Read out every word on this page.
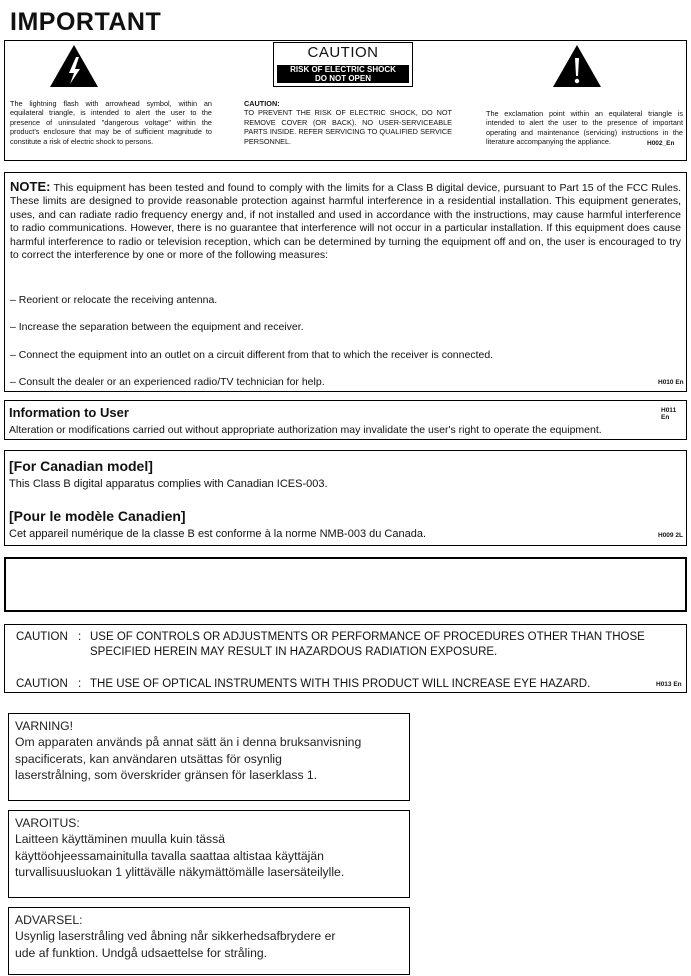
IMPORTANT
CAUTION
RISK OF ELECTRIC SHOCK
DO NOT OPEN
The lightning flash with arrowhead symbol, within an equilateral triangle, is intended to alert the user to the presence of uninsulated "dangerous voltage" within the product's enclosure that may be of sufficient magnitude to constitute a risk of electric shock to persons.
CAUTION:
TO PREVENT THE RISK OF ELECTRIC SHOCK, DO NOT REMOVE COVER (OR BACK). NO USER-SERVICEABLE PARTS INSIDE. REFER SERVICING TO QUALIFIED SERVICE PERSONNEL.
The exclamation point within an equilateral triangle is intended to alert the user to the presence of important operating and maintenance (servicing) instructions in the literature accompanying the appliance.	H002_En
NOTE: This equipment has been tested and found to comply with the limits for a Class B digital device, pursuant to Part 15 of the FCC Rules. These limits are designed to provide reasonable protection against harmful interference in a residential installation. This equipment generates, uses, and can radiate radio frequency energy and, if not installed and used in accordance with the instructions, may cause harmful interference to radio communications. However, there is no guarantee that interference will not occur in a particular installation. If this equipment does cause harmful interference to radio or television reception, which can be determined by turning the equipment off and on, the user is encouraged to try to correct the interference by one or more of the following measures:
– Reorient or relocate the receiving antenna.
– Increase the separation between the equipment and receiver.
– Connect the equipment into an outlet on a circuit different from that to which the receiver is connected.
– Consult the dealer or an experienced radio/TV technician for help.	H010 En
Information to User
Alteration or modifications carried out without appropriate authorization may invalidate the user's right to operate the equipment.
H011 En
[For Canadian model]
This Class B digital apparatus complies with Canadian ICES-003.
[Pour le modèle Canadien]
Cet appareil numérique de la classe B est conforme à la norme NMB-003 du Canada.	H009 2L
CAUTION : USE OF CONTROLS OR ADJUSTMENTS OR PERFORMANCE OF PROCEDURES OTHER THAN THOSE
SPECIFIED HEREIN MAY RESULT IN HAZARDOUS RADIATION EXPOSURE.
CAUTION : THE USE OF OPTICAL INSTRUMENTS WITH THIS PRODUCT WILL INCREASE EYE HAZARD.	H013 En
VARNING!
Om apparaten används på annat sätt än i denna bruksanvisning
spacificerats, kan användaren utsättas för osynlig
laserstrålning, som överskrider gränsen för laserklass 1.
VAROITUS:
Laitteen käyttäminen muulla kuin tässä
käyttöohjeessamainitulla tavalla saattaa altistaa käyttäjän
turvallisuusluokan 1 ylittävälle näkymättömälle lasersäteilylle.
ADVARSEL:
Usynlig laserstråling ved åbning når sikkerhedsafbrydere er
ude af funktion. Undgå udsaettelse for stråling.
